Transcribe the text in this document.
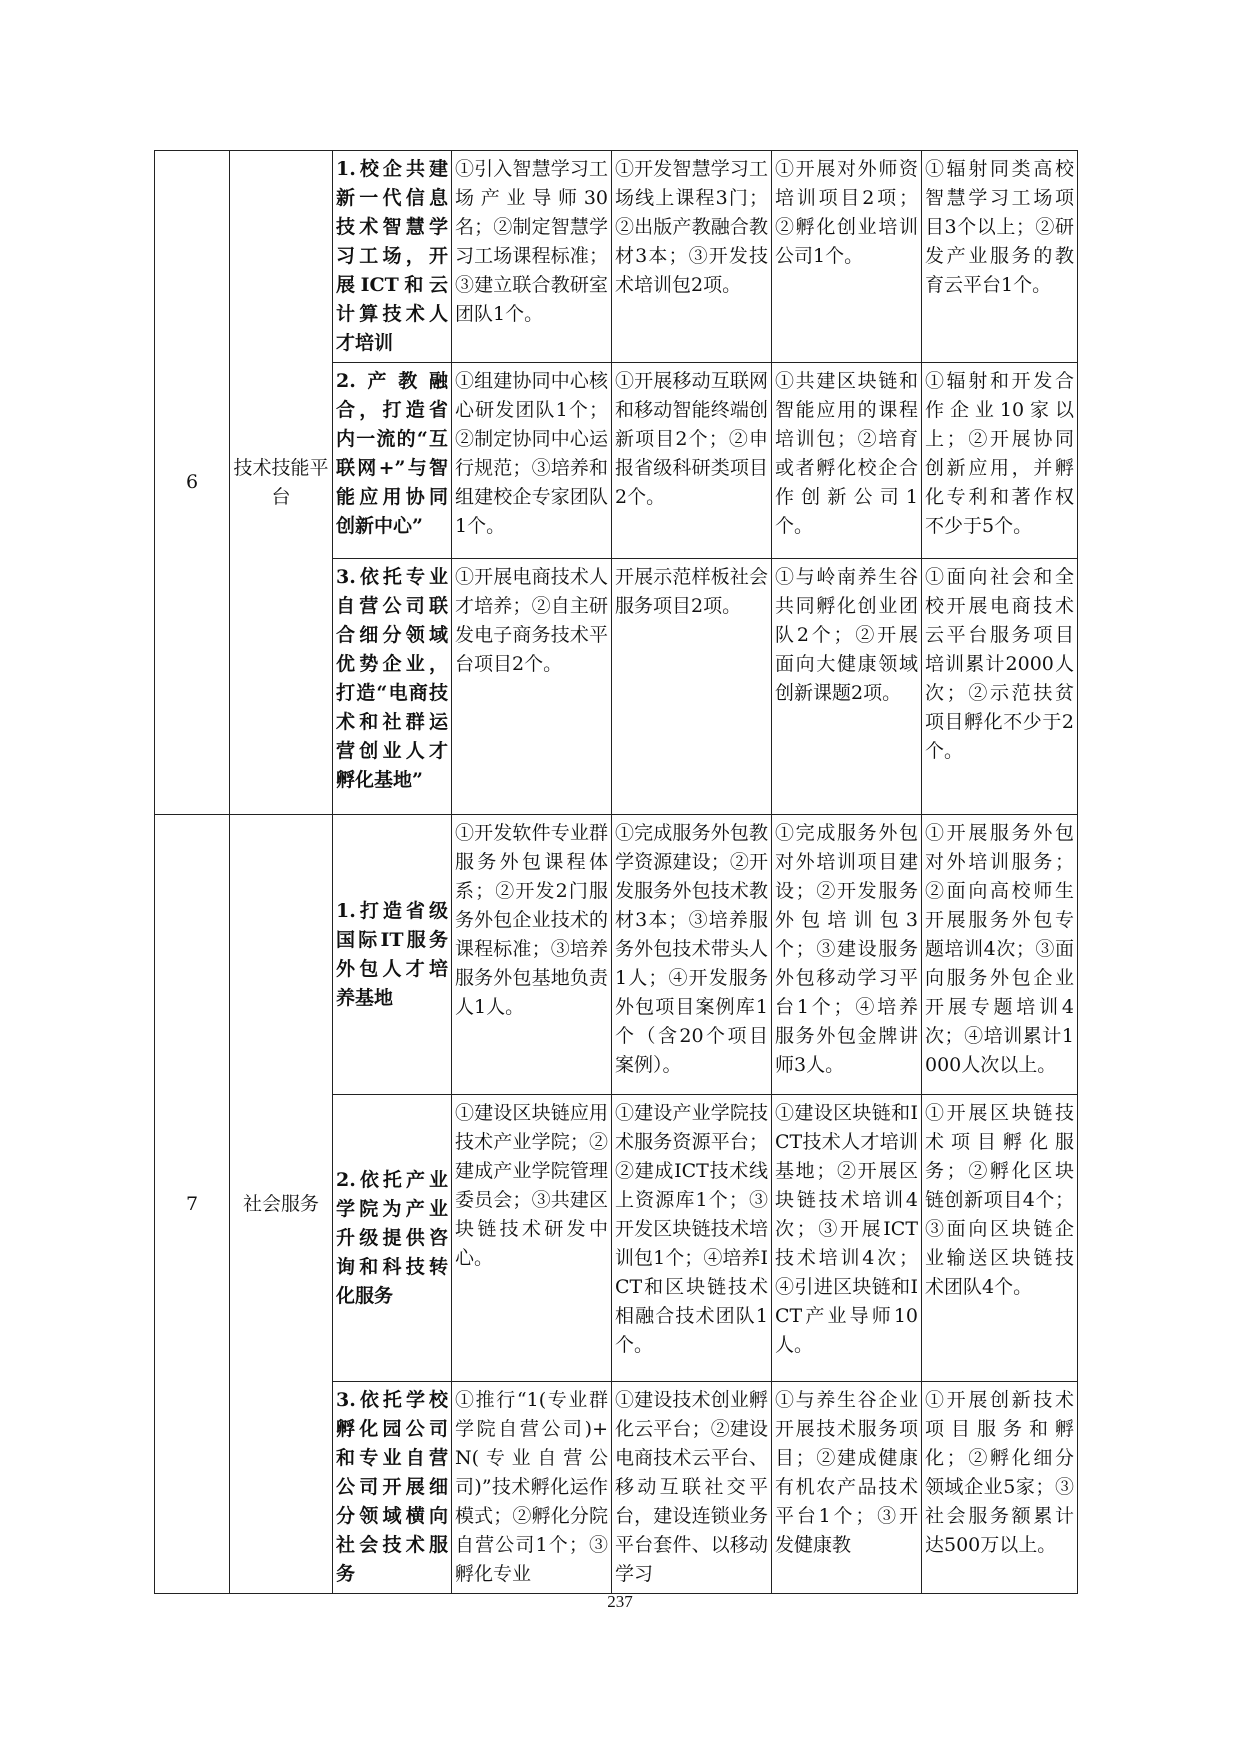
6	技术技能平台	1.校企共建新一代信息技术智慧学习工场，开展ICT和云计算技术人才培训	①引入智慧学习工场产业导师30名；②制定智慧学习工场课程标准；③建立联合教研室团队1个。	①开发智慧学习工场线上课程3门；②出版产教融合教材3本；③开发技术培训包2项。	①开展对外师资培训项目2项；②孵化创业培训公司1个。	①辐射同类高校智慧学习工场项目3个以上；②研发产业服务的教育云平台1个。
		2.产教融合，打造省内一流的“互联网+”与智能应用协同创新中心”	①组建协同中心核心研发团队1个；②制定协同中心运行规范；③培养和组建校企专家团队1个。	①开展移动互联网和移动智能终端创新项目2个；②申报省级科研类项目2个。	①共建区块链和智能应用的课程培训包；②培育或者孵化校企合作创新公司1个。	①辐射和开发合作企业10家以上；②开展协同创新应用，并孵化专利和著作权不少于5个。
		3.依托专业自营公司联合细分领域优势企业，打造“电商技术和社群运营创业人才孵化基地”	①开展电商技术人才培养；②自主研发电子商务技术平台项目2个。	开展示范样板社会服务项目2项。	①与岭南养生谷共同孵化创业团队2个；②开展面向大健康领域创新课题2项。	①面向社会和全校开展电商技术云平台服务项目培训累计2000人次；②示范扶贫项目孵化不少于2个。
7	社会服务	1.打造省级国际IT服务外包人才培养基地	①开发软件专业群服务外包课程体系；②开发2门服务外包企业技术的课程标准；③培养服务外包基地负责人1人。	①完成服务外包教学资源建设；②开发服务外包技术教材3本；③培养服务外包技术带头人1人；④开发服务外包项目案例库1个（含20个项目案例）。	①完成服务外包对外培训项目建设；②开发服务外包培训包3个；③建设服务外包移动学习平台1个；④培养服务外包金牌讲师3人。	①开展服务外包对外培训服务；②面向高校师生开展服务外包专题培训4次；③面向服务外包企业开展专题培训4次；④培训累计1000人次以上。
		2.依托产业学院为产业升级提供咨询和科技转化服务	①建设区块链应用技术产业学院；②建成产业学院管理委员会；③共建区块链技术研发中心。	①建设产业学院技术服务资源平台；②建成ICT技术线上资源库1个；③开发区块链技术培训包1个；④培养ICT和区块链技术相融合技术团队1个。	①建设区块链和ICT技术人才培训基地；②开展区块链技术培训4次；③开展ICT技术培训4次；④引进区块链和ICT产业导师10人。	①开展区块链技术项目孵化服务；②孵化区块链创新项目4个；③面向区块链企业输送区块链技术团队4个。
		3.依托学校孵化园公司和专业自营公司开展细分领域横向社会技术服务	①推行“1(专业群学院自营公司)+N(专业自营公司)”技术孵化运作模式；②孵化分院自营公司1个；③孵化专业	①建设技术创业孵化云平台；②建设电商技术云平台、移动互联社交平台，建设连锁业务平台套件、以移动学习	①与养生谷企业开展技术服务项目；②建成健康有机农产品技术平台1个；③开发健康教	①开展创新技术项目服务和孵化；②孵化细分领域企业5家；③社会服务额累计达500万以上。
237
